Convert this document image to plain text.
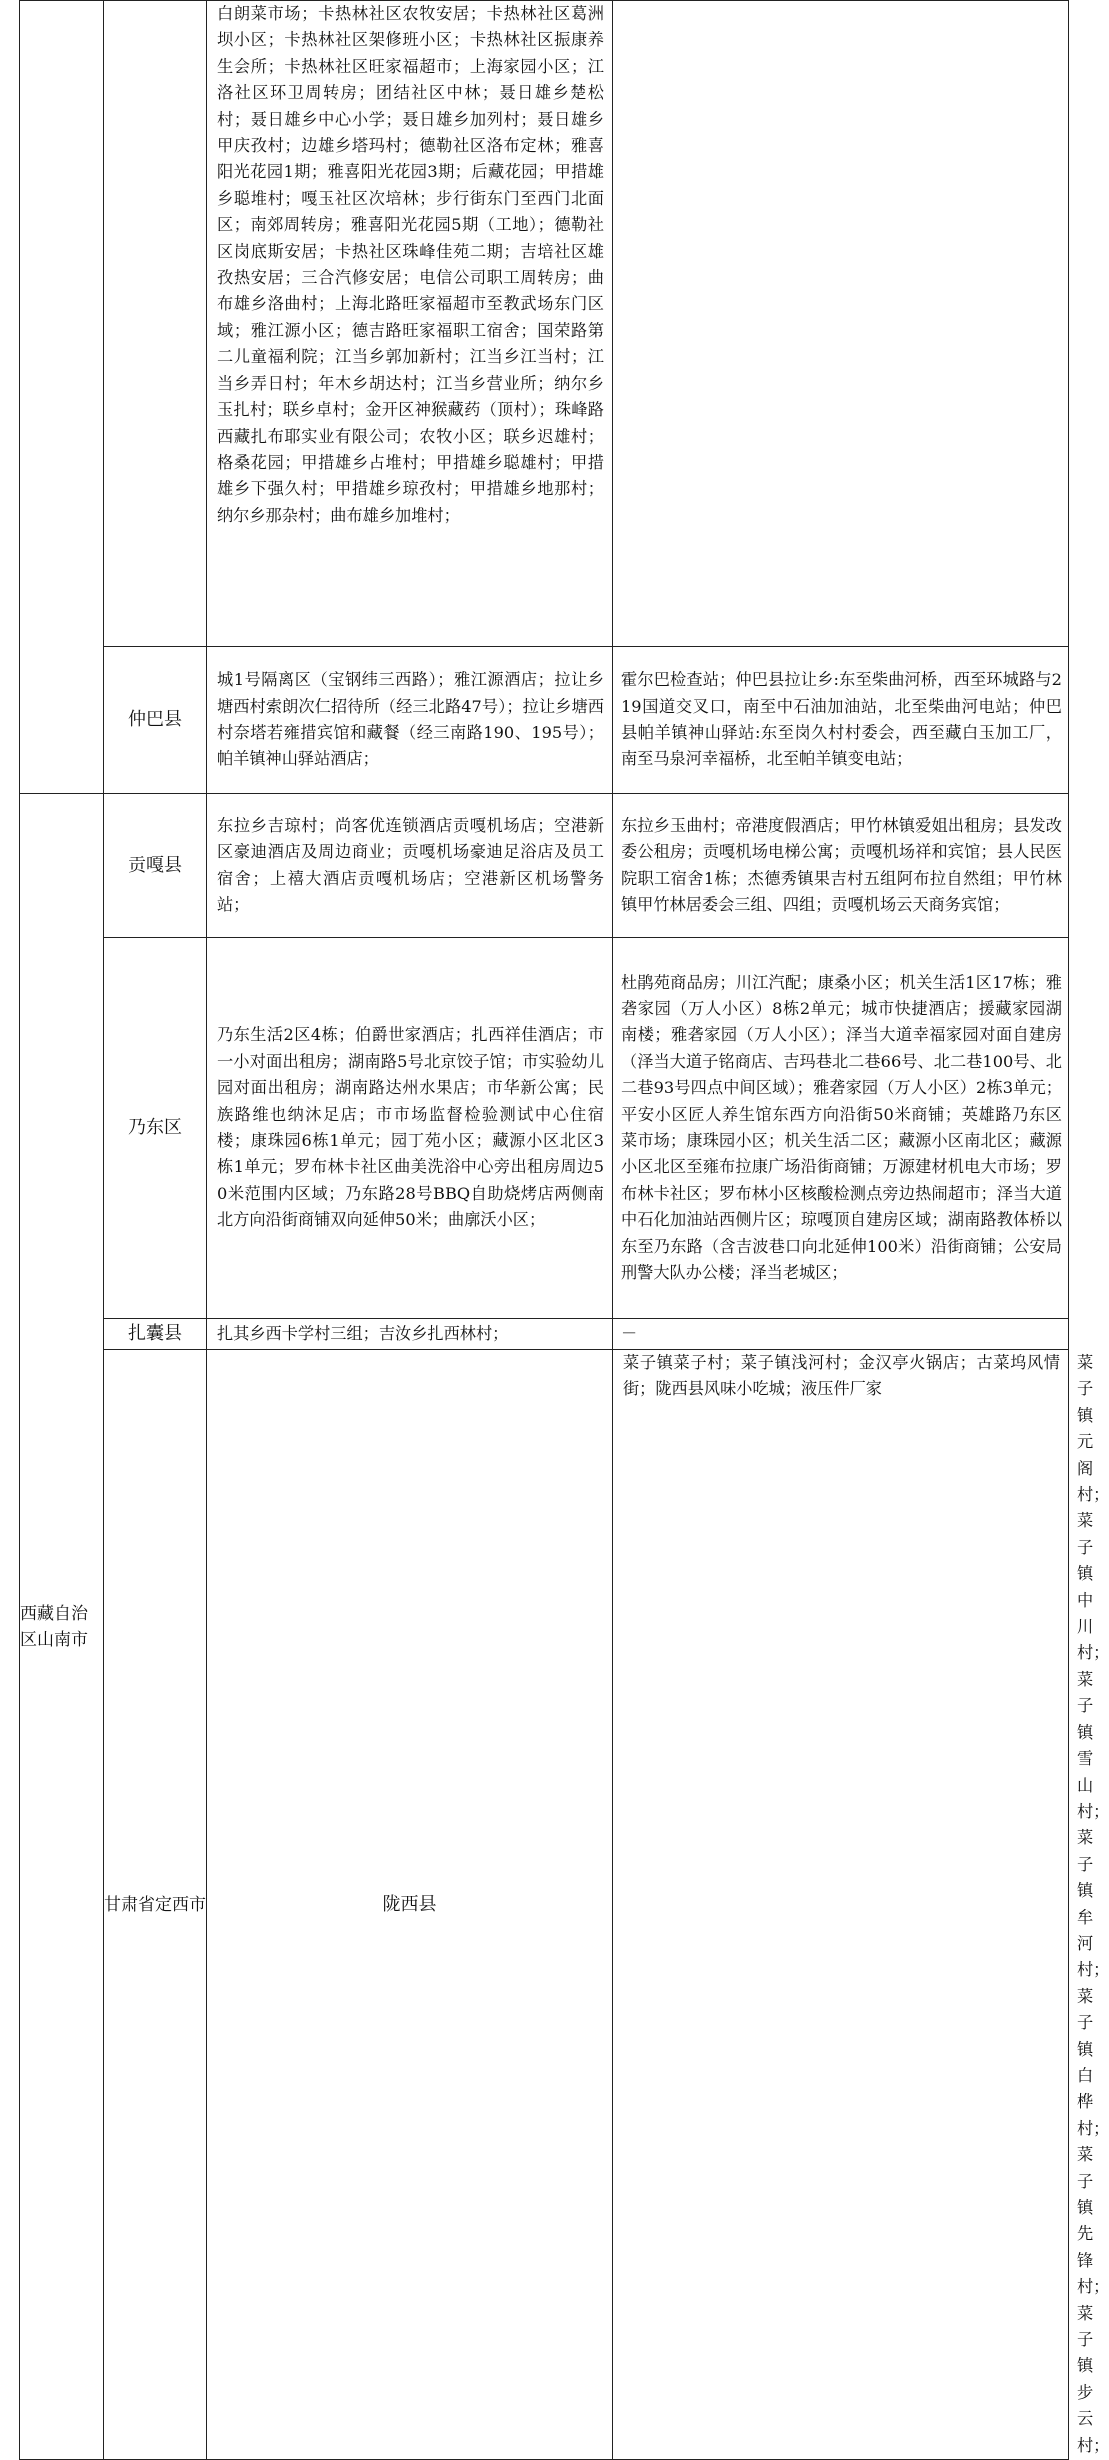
		白朗菜市场；卡热林社区农牧安居；卡热林社区葛洲坝小区；卡热林社区架修班小区；卡热林社区振康养生会所；卡热林社区旺家福超市；上海家园小区；江洛社区环卫周转房；团结社区中林；聂日雄乡楚松村；聂日雄乡中心小学；聂日雄乡加列村；聂日雄乡甲庆孜村；边雄乡塔玛村；德勒社区洛布定林；雅喜阳光花园1期；雅喜阳光花园3期；后藏花园；甲措雄乡聪堆村；嘎玉社区次培林；步行街东门至西门北面区；南郊周转房；雅喜阳光花园5期（工地）；德勒社区岗底斯安居；卡热社区珠峰佳苑二期；吉培社区雄孜热安居；三合汽修安居；电信公司职工周转房；曲布雄乡洛曲村；上海北路旺家福超市至教武场东门区域；雅江源小区；德吉路旺家福职工宿舍；国荣路第二儿童福利院；江当乡郭加新村；江当乡江当村；江当乡弄日村；年木乡胡达村；江当乡营业所；纳尔乡玉扎村；联乡卓村；金开区神猴藏药（顶村）；珠峰路西藏扎布耶实业有限公司；农牧小区；联乡迟雄村；格桑花园；甲措雄乡占堆村；甲措雄乡聪雄村；甲措雄乡下强久村；甲措雄乡琼孜村；甲措雄乡地那村；纳尔乡那杂村；曲布雄乡加堆村；		

	仲巴县	城1号隔离区（宝钢纬三西路）；雅江源酒店；拉让乡塘西村索朗次仁招待所（经三北路47号）；拉让乡塘西村奈塔若雍措宾馆和藏餐（经三南路190、195号）；帕羊镇神山驿站酒店；	霍尔巴检查站；仲巴县拉让乡:东至柴曲河桥，西至环城路与219国道交叉口，南至中石油加油站，北至柴曲河电站；仲巴县帕羊镇神山驿站:东至岗久村村委会，西至藏白玉加工厂，南至马泉河幸福桥，北至帕羊镇变电站；	

西藏自治区山南市	贡嘎县	东拉乡吉琼村；尚客优连锁酒店贡嘎机场店；空港新区豪迪酒店及周边商业；贡嘎机场豪迪足浴店及员工宿舍；上禧大酒店贡嘎机场店；空港新区机场警务站；	东拉乡玉曲村；帝港度假酒店；甲竹林镇爱姐出租房；县发改委公租房；贡嘎机场电梯公寓；贡嘎机场祥和宾馆；县人民医院职工宿舍1栋；杰德秀镇果吉村五组阿布拉自然组；甲竹林镇甲竹林居委会三组、四组；贡嘎机场云天商务宾馆；	

	乃东区	乃东生活2区4栋；伯爵世家酒店；扎西祥佳酒店；市一小对面出租房；湖南路5号北京饺子馆；市实验幼儿园对面出租房；湖南路达州水果店；市华新公寓；民族路维也纳沐足店；市市场监督检验测试中心住宿楼；康珠园6栋1单元；园丁苑小区；藏源小区北区3栋1单元；罗布林卡社区曲美洗浴中心旁出租房周边50米范围内区域；乃东路28号BBQ自助烧烤店两侧南北方向沿街商铺双向延伸50米；曲廓沃小区；	杜鹃苑商品房；川江汽配；康桑小区；机关生活1区17栋；雅砻家园（万人小区）8栋2单元；城市快捷酒店；援藏家园湖南楼；雅砻家园（万人小区）；泽当大道幸福家园对面自建房（泽当大道子铭商店、吉玛巷北二巷66号、北二巷100号、北二巷93号四点中间区域）；雅砻家园（万人小区）2栋3单元；平安小区匠人养生馆东西方向沿街50米商铺；英雄路乃东区菜市场；康珠园小区；机关生活二区；藏源小区南北区；藏源小区北区至雍布拉康广场沿街商铺；万源建材机电大市场；罗布林卡社区；罗布林小区核酸检测点旁边热闹超市；泽当大道中石化加油站西侧片区；琼嘎顶自建房区域；湖南路教体桥以东至乃东路（含吉波巷口向北延伸100米）沿街商铺；公安局刑警大队办公楼；泽当老城区；	

	扎囊县	扎其乡西卡学村三组；吉汝乡扎西林村；	－	

	甘肃省定西市	陇西县	菜子镇菜子村；菜子镇浅河村；金汉亭火锅店；古菜坞风情街；陇西县风味小吃城；液压件厂家	菜子镇元阁村；菜子镇中川村；菜子镇雪山村；菜子镇牟河村；菜子镇白桦村；菜子镇先锋村；菜子镇步云村；
